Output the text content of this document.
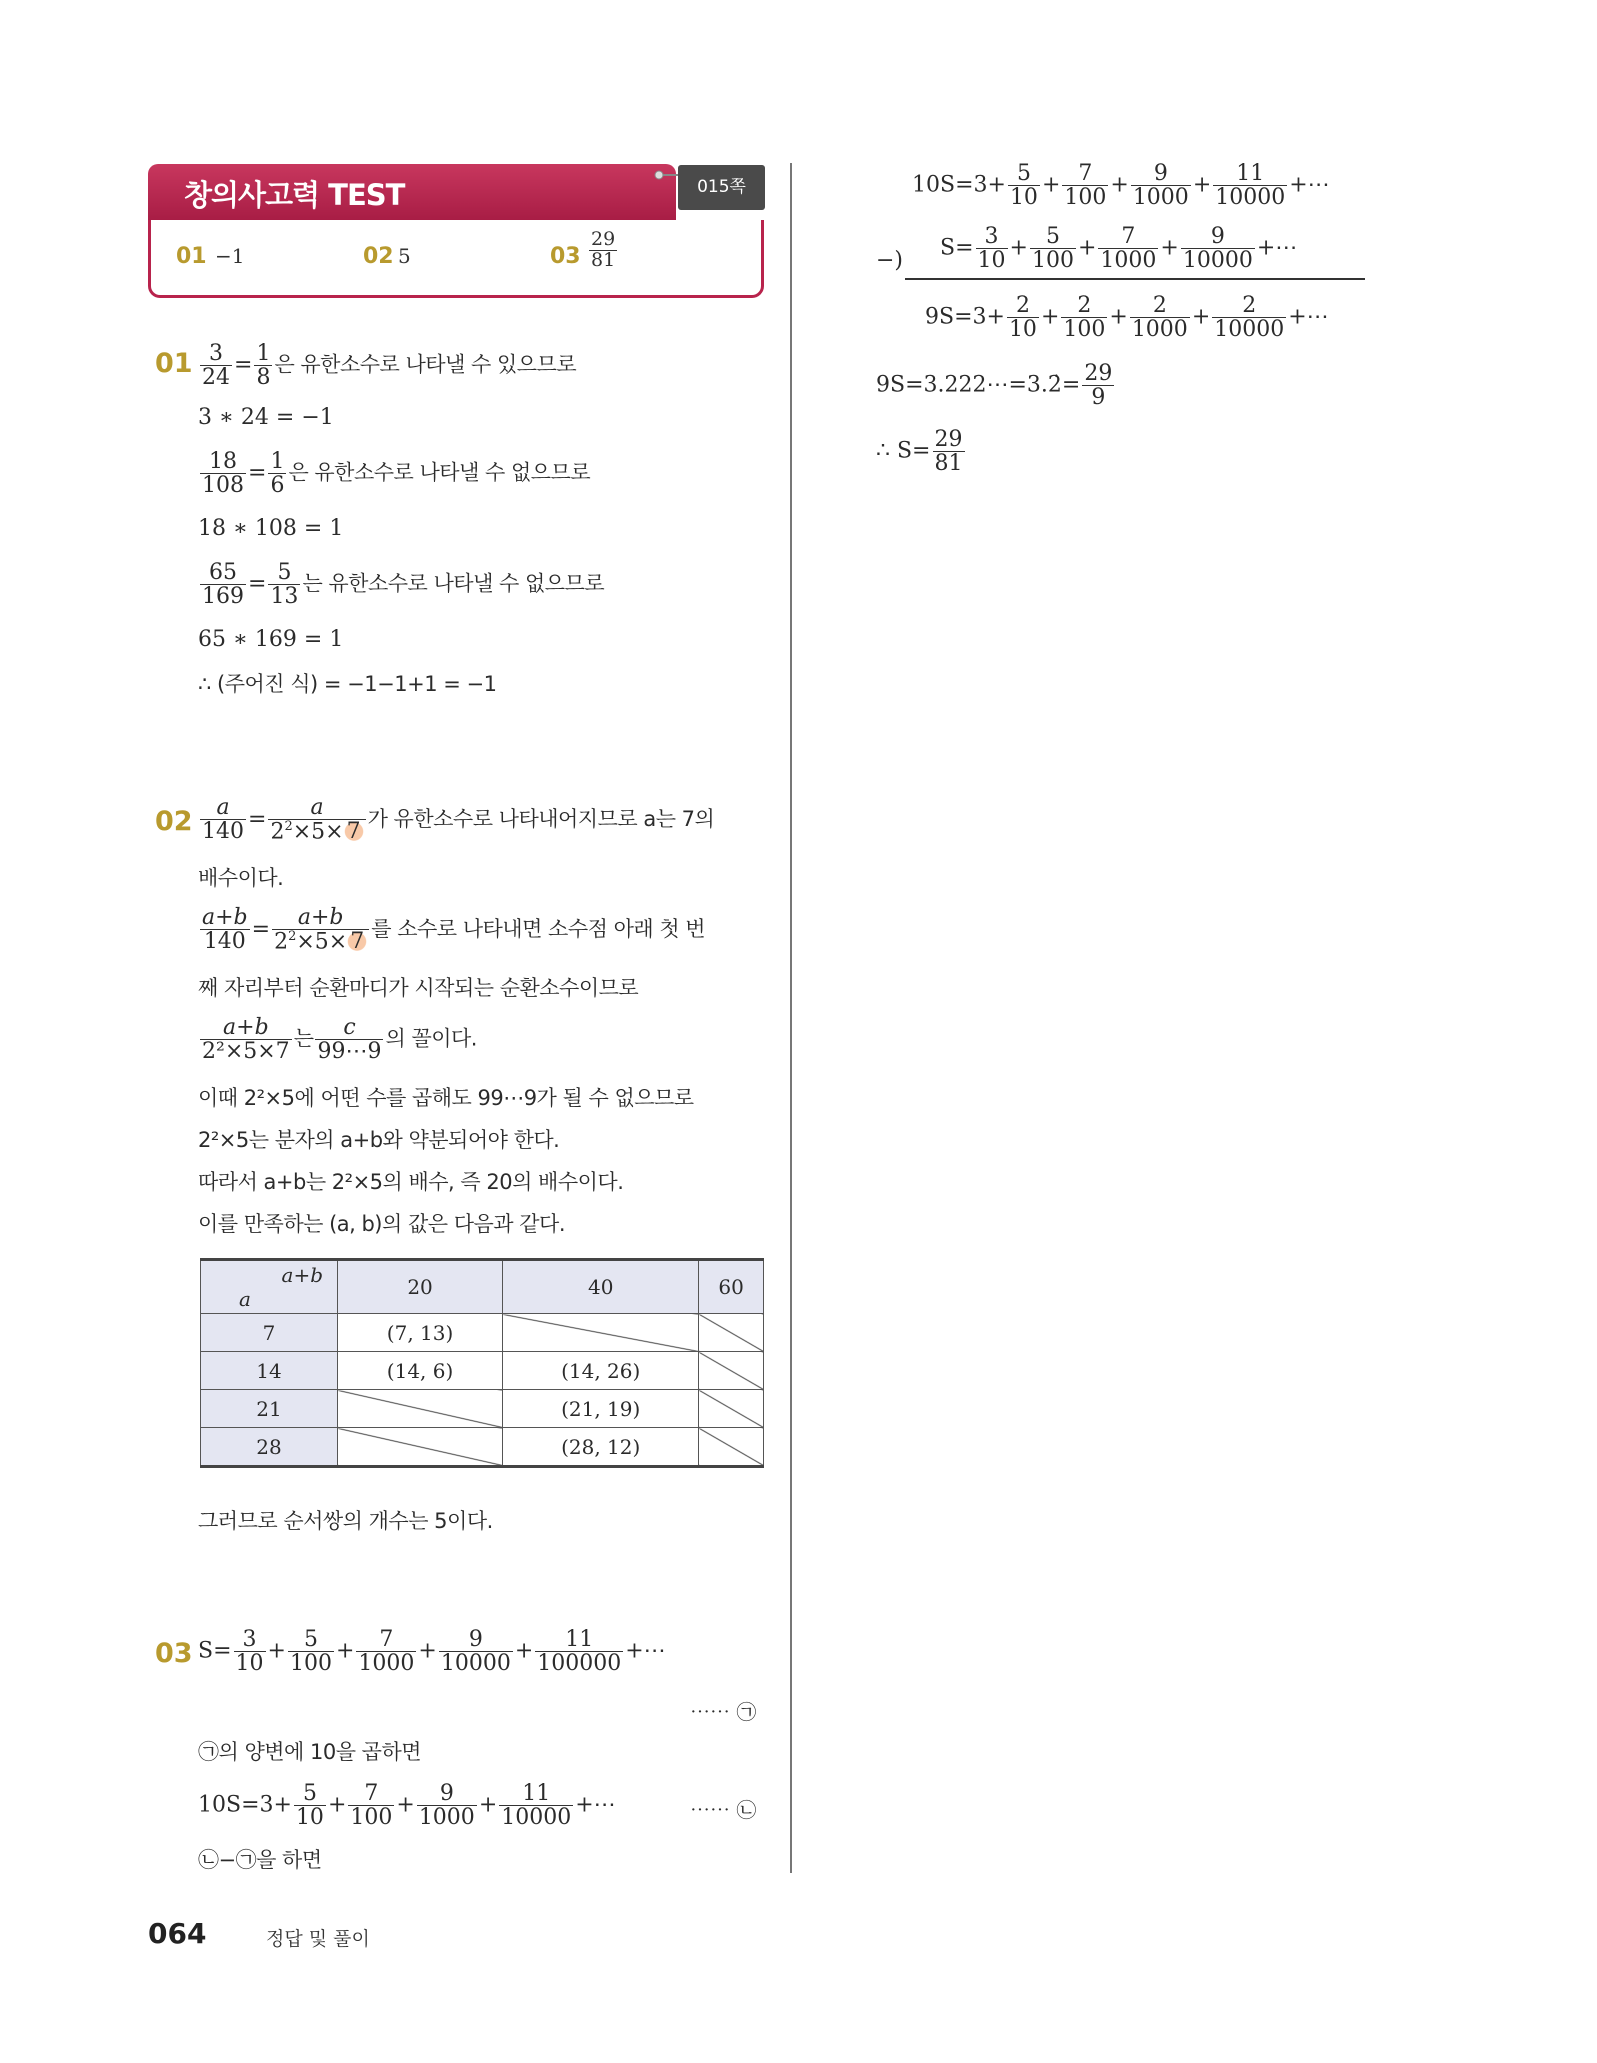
창의사고력 TEST	015쪽
01 −1	02 5	$03 \frac{29}{81}$
$01 \frac{3}{24} = \frac{1}{8}$ 은 유한소수로 나타낼 수 있으므로
3 ∗ 24 = −1
$\frac{18}{108} = \frac{1}{6}$ 은 유한소수로 나타낼 수 없으므로
18 ∗ 108 = 1
$\frac{65}{169} = \frac{5}{13}$ 는 유한소수로 나타낼 수 없으므로
65 ∗ 169 = 1
∴ (주어진 식) = −1−1+1 = −1
$02 \frac{a}{140} = \frac{a}{2^2\times 5\times 7}$ 가 유한소수로 나타내어지므로 a는 7의
배수이다.
$\frac{a+b}{140} = \frac{a+b}{2^2\times 5\times 7}$ 를 소수로 나타내면 소수점 아래 첫 번
째 자리부터 순환마디가 시작되는 순환소수이므로
$\frac{a+b}{\text{2²×5×7}}$ 는 $\frac{c}{99\cdots 9}$ 의 꼴이다.
이때 2²×5에 어떤 수를 곱해도 99⋯9가 될 수 없으므로
2²×5는 분자의 a+b와 약분되어야 한다.
따라서 a+b는 2²×5의 배수, 즉 20의 배수이다.
이를 만족하는 (a, b)의 값은 다음과 같다.
a+b
a	20	40	60
7	(7, 13)		
14	(14, 6)	(14, 26)	
21		(21, 19)	
28		(28, 12)	
그러므로 순서쌍의 개수는 5이다.
03 $S= \frac{3}{10} + \frac{5}{100} + \frac{7}{1000} + \frac{9}{10000} + \frac{11}{100000}$ +⋯
⋯⋯ ㉠
㉠의 양변에 10을 곱하면
$10S=3+ \frac{5}{10} + \frac{7}{100} + \frac{9}{1000} + \frac{11}{10000}$ +⋯	⋯⋯ ㉡
㉡−㉠을 하면
$10S=3+ \frac{5}{10} + \frac{7}{100} + \frac{9}{1000} + \frac{11}{10000}$ +⋯
−) $S= \frac{3}{10} + \frac{5}{100} + \frac{7}{1000} + \frac{9}{10000}$ +⋯
$9S=3+ \frac{2}{10} + \frac{2}{100} + \frac{2}{1000} + \frac{2}{10000}$ +⋯
9S=3.222⋯=3.2̇= $\frac{29}{9}$
∴ $S= \frac{29}{81}$
064	정답 및 풀이
